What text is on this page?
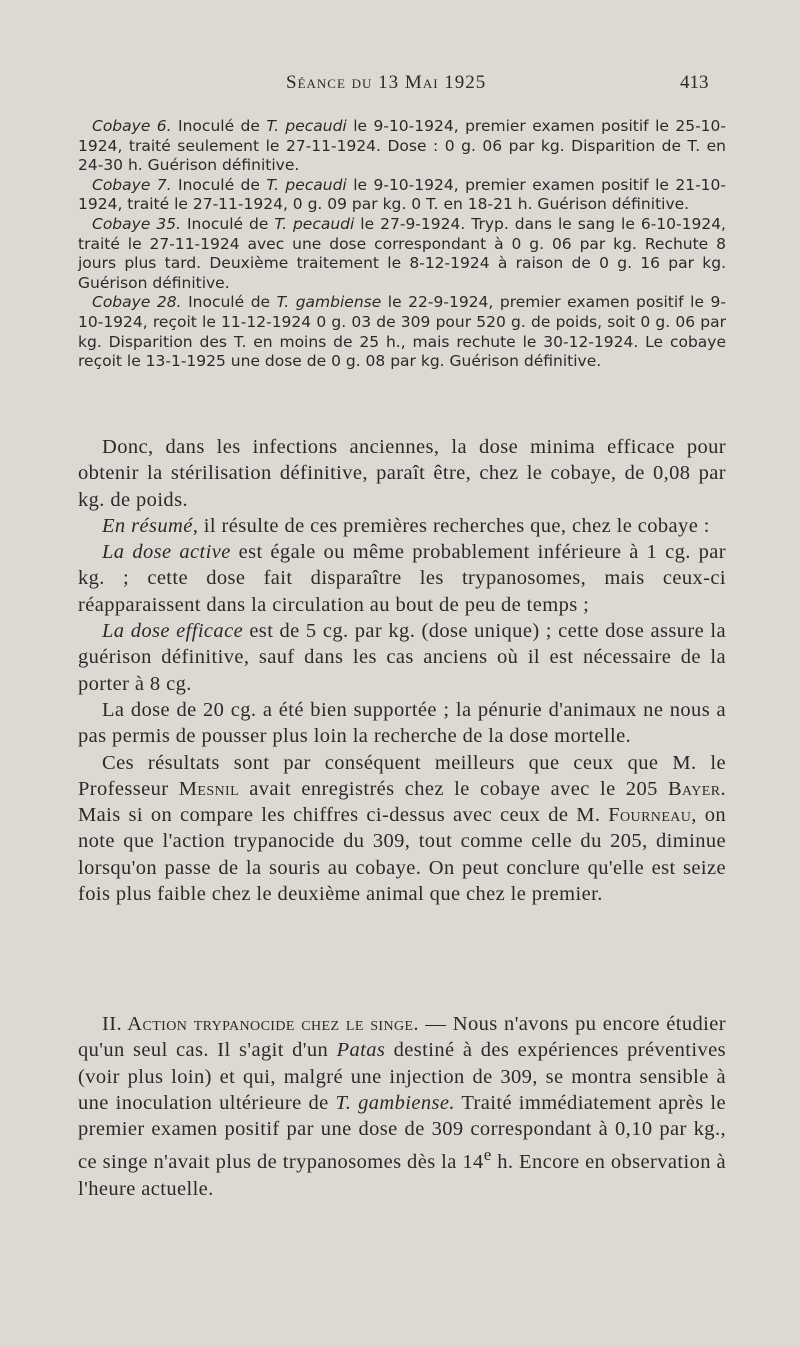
Séance du 13 Mai 1925	413

Cobaye 6. Inoculé de T. pecaudi le 9-10-1924, premier examen positif le 25-10-1924, traité seulement le 27-11-1924. Dose : 0 g. 06 par kg. Disparition de T. en 24-30 h. Guérison définitive.

Cobaye 7. Inoculé de T. pecaudi le 9-10-1924, premier examen positif le 21-10-1924, traité le 27-11-1924, 0 g. 09 par kg. 0 T. en 18-21 h. Guérison définitive.

Cobaye 35. Inoculé de T. pecaudi le 27-9-1924. Tryp. dans le sang le 6-10-1924, traité le 27-11-1924 avec une dose correspondant à 0 g. 06 par kg. Rechute 8 jours plus tard. Deuxième traitement le 8-12-1924 à raison de 0 g. 16 par kg. Guérison définitive.

Cobaye 28. Inoculé de T. gambiense le 22-9-1924, premier examen positif le 9-10-1924, reçoit le 11-12-1924 0 g. 03 de 309 pour 520 g. de poids, soit 0 g. 06 par kg. Disparition des T. en moins de 25 h., mais rechute le 30-12-1924. Le cobaye reçoit le 13-1-1925 une dose de 0 g. 08 par kg. Guérison définitive.

Donc, dans les infections anciennes, la dose minima efficace pour obtenir la stérilisation définitive, paraît être, chez le cobaye, de 0,08 par kg. de poids.

En résumé, il résulte de ces premières recherches que, chez le cobaye :

La dose active est égale ou même probablement inférieure à 1 cg. par kg. ; cette dose fait disparaître les trypanosomes, mais ceux-ci réapparaissent dans la circulation au bout de peu de temps ;

La dose efficace est de 5 cg. par kg. (dose unique) ; cette dose assure la guérison définitive, sauf dans les cas anciens où il est nécessaire de la porter à 8 cg.

La dose de 20 cg. a été bien supportée ; la pénurie d'animaux ne nous a pas permis de pousser plus loin la recherche de la dose mortelle.

Ces résultats sont par conséquent meilleurs que ceux que M. le Professeur Mesnil avait enregistrés chez le cobaye avec le 205 Bayer. Mais si on compare les chiffres ci-dessus avec ceux de M. Fourneau, on note que l'action trypanocide du 309, tout comme celle du 205, diminue lorsqu'on passe de la souris au cobaye. On peut conclure qu'elle est seize fois plus faible chez le deuxième animal que chez le premier.

II. Action trypanocide chez le singe. — Nous n'avons pu encore étudier qu'un seul cas. Il s'agit d'un Patas destiné à des expériences préventives (voir plus loin) et qui, malgré une injection de 309, se montra sensible à une inoculation ultérieure de T. gambiense. Traité immédiatement après le premier examen positif par une dose de 309 correspondant à 0,10 par kg., ce singe n'avait plus de trypanosomes dès la 14e h. Encore en observation à l'heure actuelle.
